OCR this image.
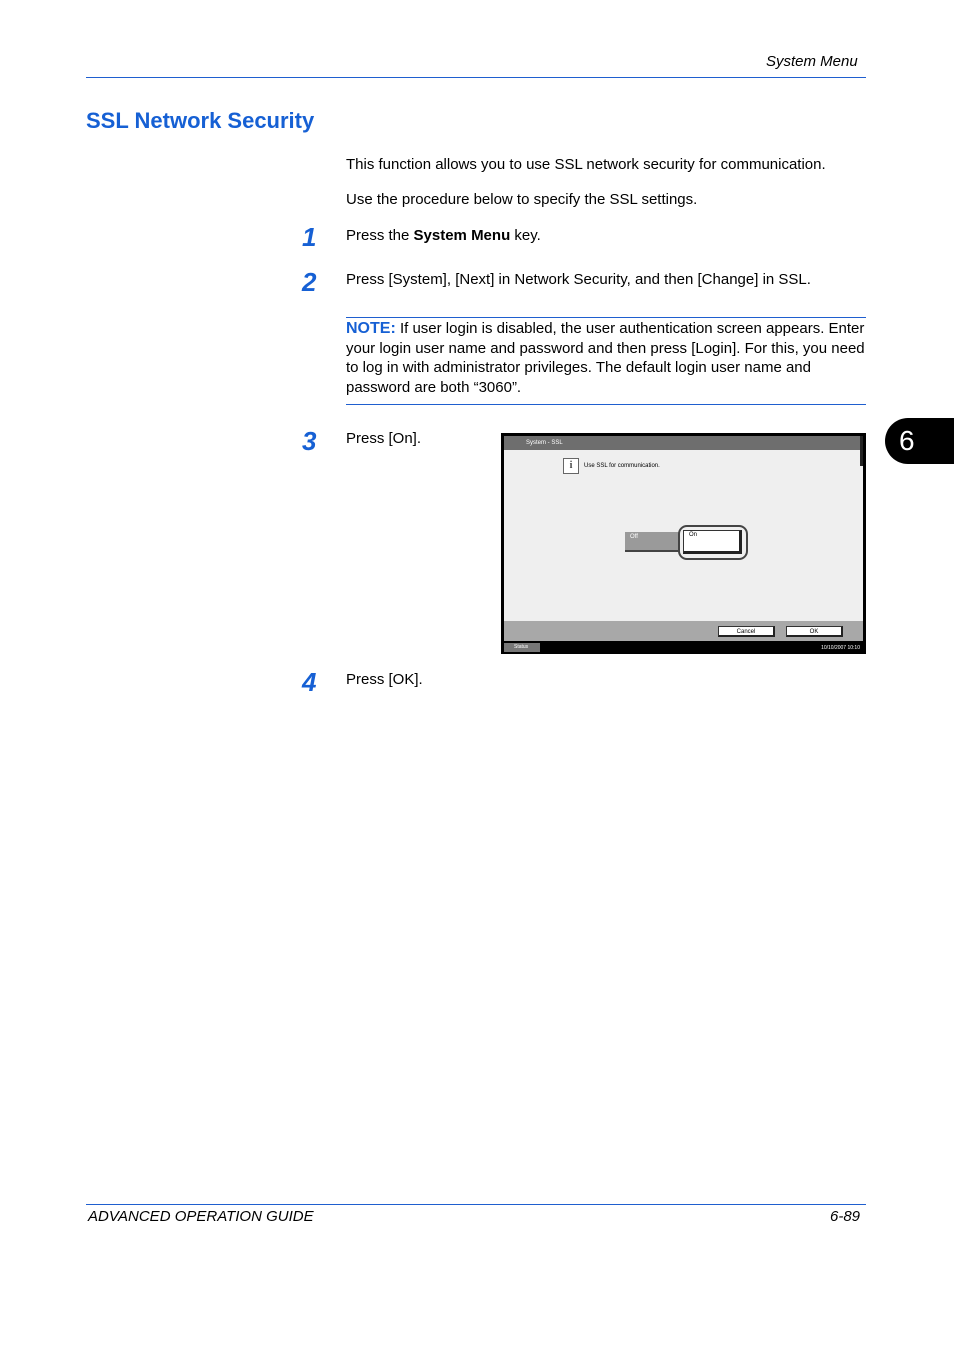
System Menu
SSL Network Security
This function allows you to use SSL network security for communication.
Use the procedure below to specify the SSL settings.
1 Press the System Menu key.
2 Press [System], [Next] in Network Security, and then [Change] in SSL.
NOTE: If user login is disabled, the user authentication screen appears. Enter your login user name and password and then press [Login]. For this, you need to log in with administrator privileges. The default login user name and password are both “3060”.
6
3 Press [On].	System - SSL
i	Use SSL for communication.
Off	On
Cancel	OK
Status	10/10/2007 10:10
4 Press [OK].
ADVANCED OPERATION GUIDE	6-89
